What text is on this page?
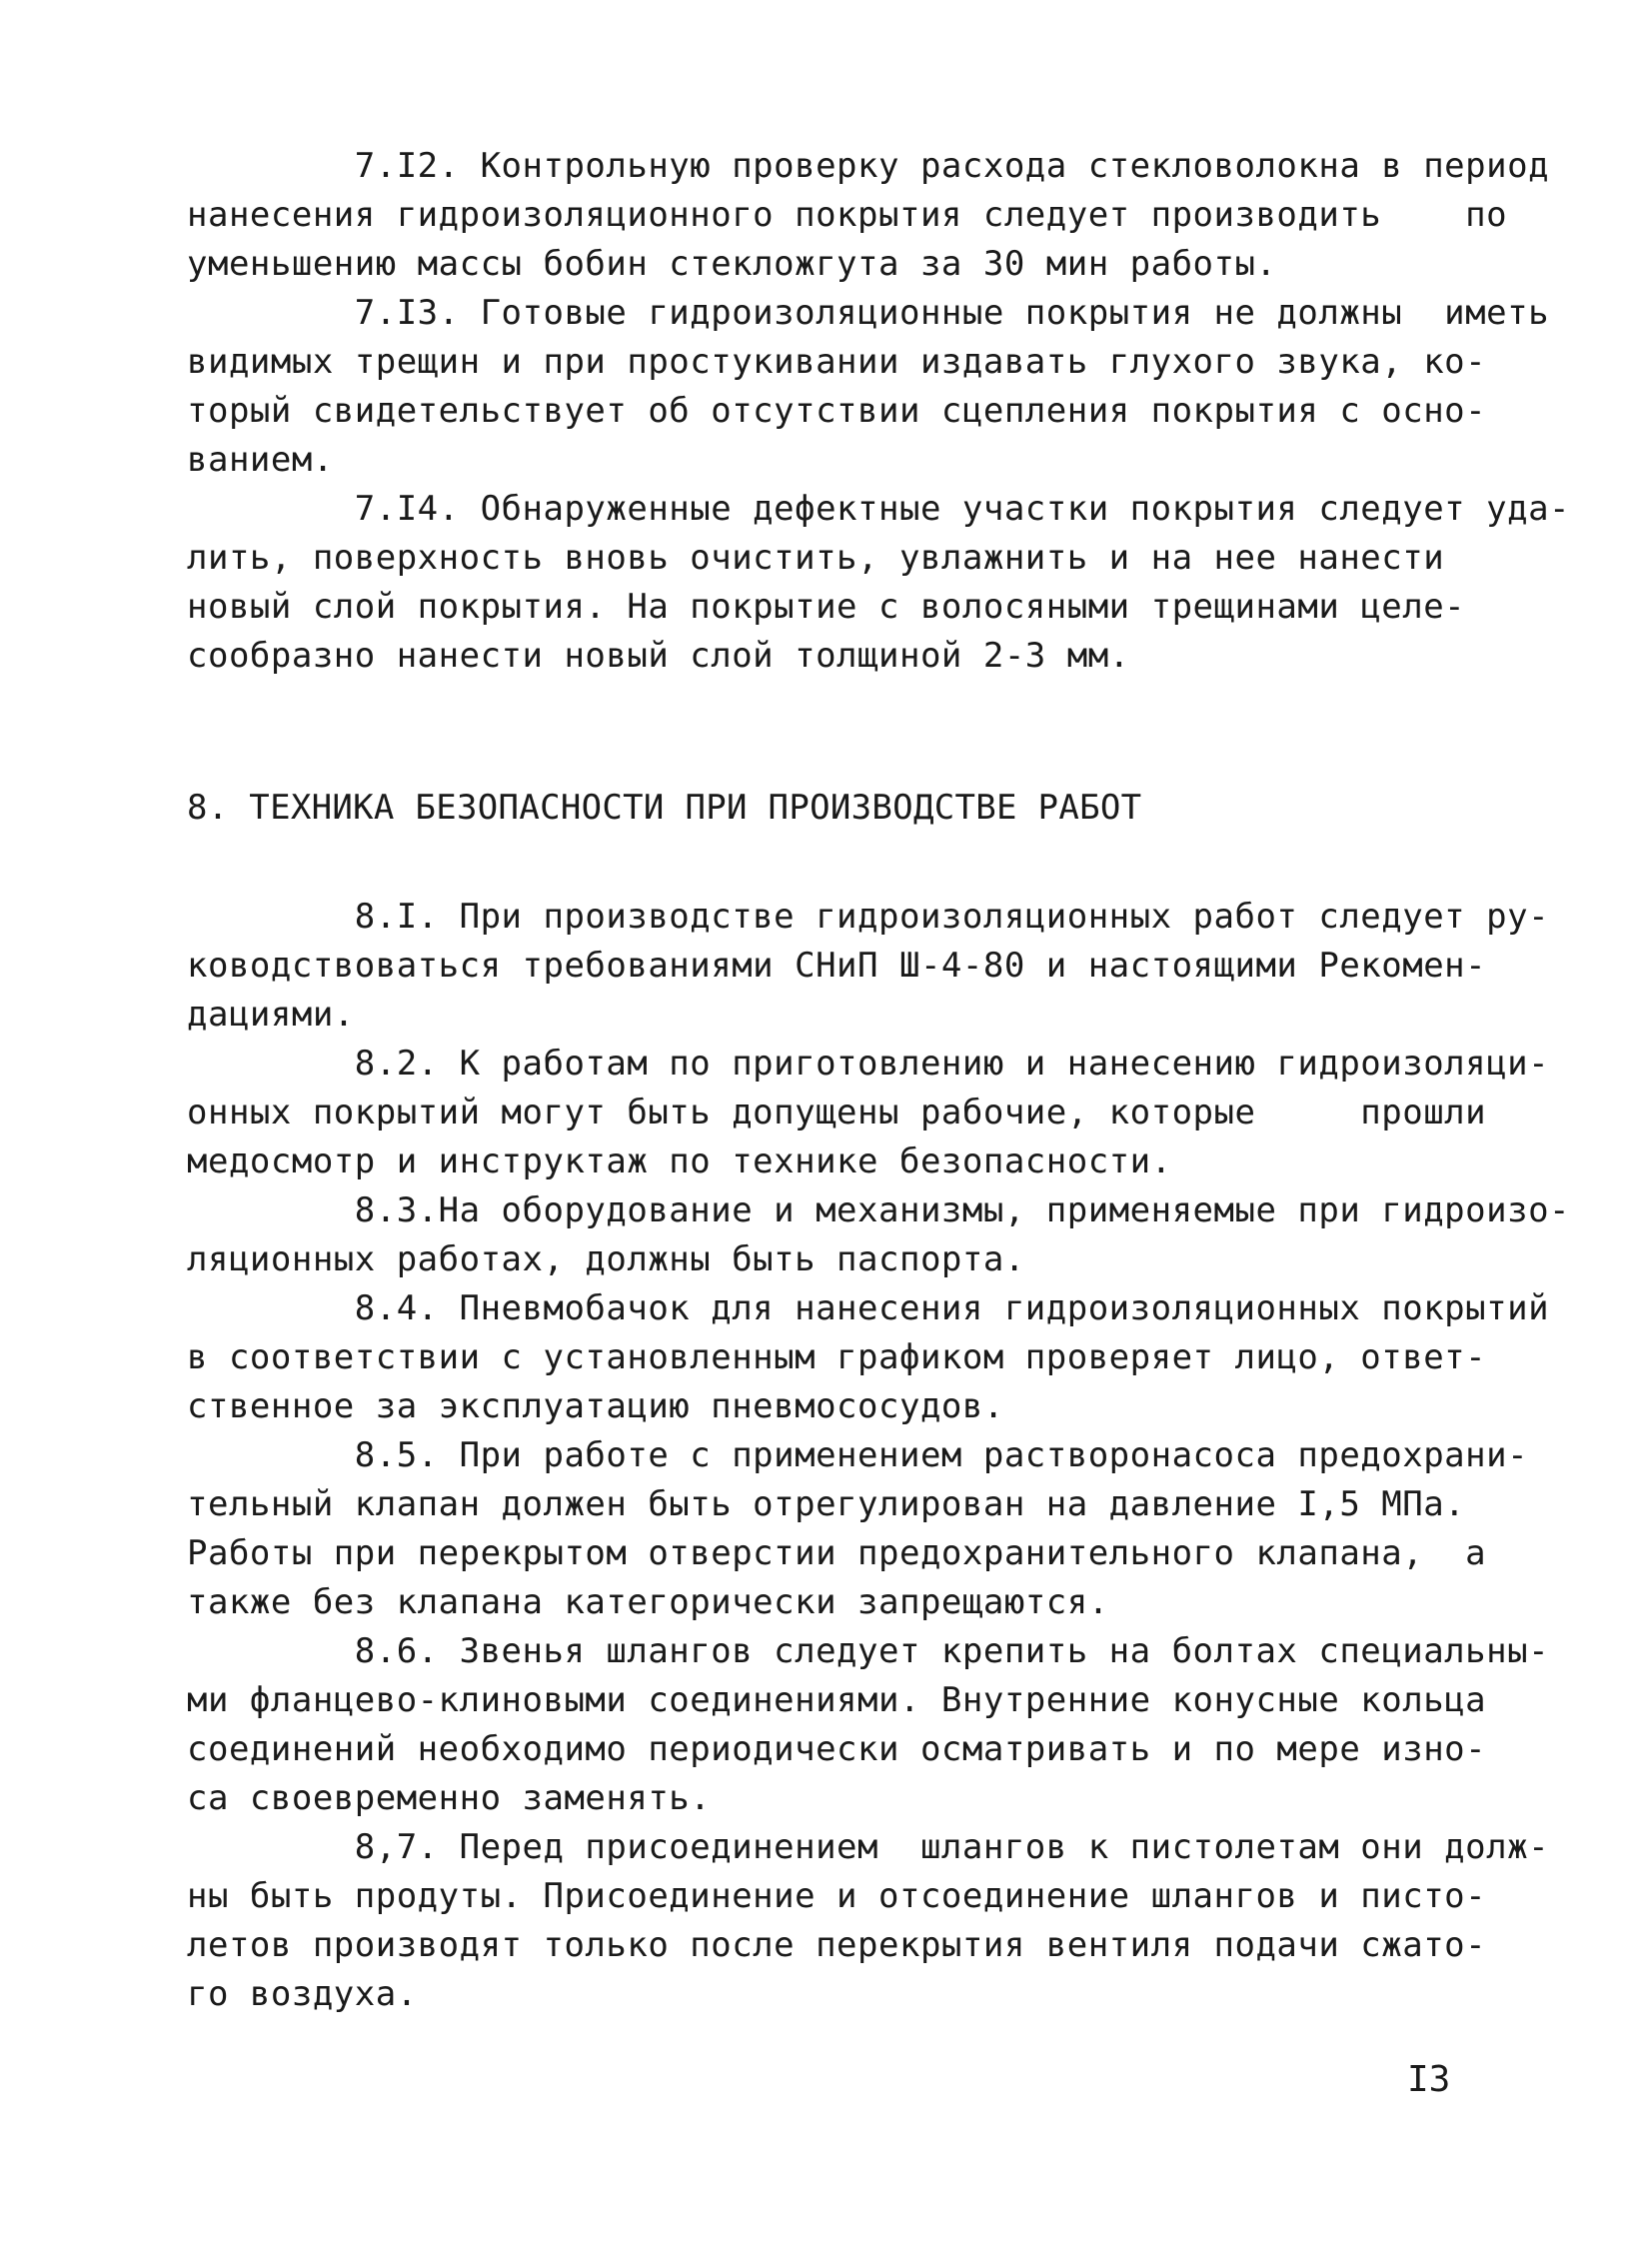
7.I2. Контрольную проверку расхода стекловолокна в период
нанесения гидроизоляционного покрытия следует производить    по
уменьшению массы бобин стекложгута за 30 мин работы.
7.I3. Готовые гидроизоляционные покрытия не должны  иметь
видимых трещин и при простукивании издавать глухого звука, ко-
торый свидетельствует об отсутствии сцепления покрытия с осно-
ванием.
7.I4. Обнаруженные дефектные участки покрытия следует уда-
лить, поверхность вновь очистить, увлажнить и на нее нанести
новый слой покрытия. На покрытие с волосяными трещинами целе-
сообразно нанести новый слой толщиной 2-3 мм.
8. ТЕХНИКА БЕЗОПАСНОСТИ ПРИ ПРОИЗВОДСТВЕ РАБОТ
8.I. При производстве гидроизоляционных работ следует ру-
ководствоваться требованиями СНиП Ш-4-80 и настоящими Рекомен-
дациями.
8.2. К работам по приготовлению и нанесению гидроизоляци-
онных покрытий могут быть допущены рабочие, которые     прошли
медосмотр и инструктаж по технике безопасности.
8.3.На оборудование и механизмы, применяемые при гидроизо-
ляционных работах, должны быть паспорта.
8.4. Пневмобачок для нанесения гидроизоляционных покрытий
в соответствии с установленным графиком проверяет лицо, ответ-
ственное за эксплуатацию пневмососудов.
8.5. При работе с применением растворонасоса предохрани-
тельный клапан должен быть отрегулирован на давление I,5 МПа.
Работы при перекрытом отверстии предохранительного клапана,  а
также без клапана категорически запрещаются.
8.6. Звенья шлангов следует крепить на болтах специальны-
ми фланцево-клиновыми соединениями. Внутренние конусные кольца
соединений необходимо периодически осматривать и по мере изно-
са своевременно заменять.
8,7. Перед присоединением  шлангов к пистолетам они долж-
ны быть продуты. Присоединение и отсоединение шлангов и писто-
летов производят только после перекрытия вентиля подачи сжато-
го воздуха.
I3
